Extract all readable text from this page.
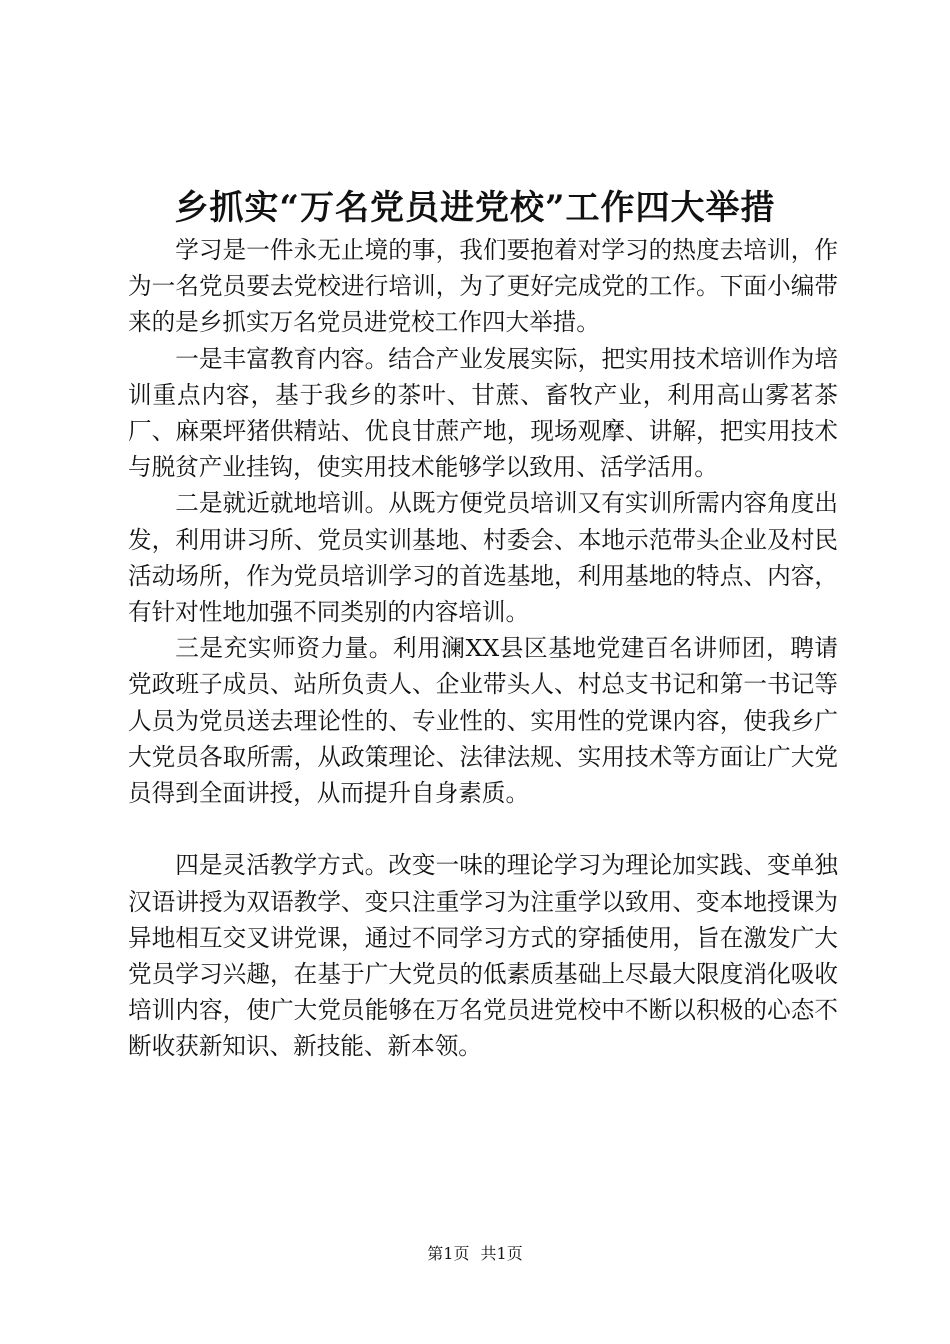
乡抓实“万名党员进党校”工作四大举措

学习是一件永无止境的事，我们要抱着对学习的热度去培训，作为一名党员要去党校进行培训，为了更好完成党的工作。下面小编带来的是乡抓实万名党员进党校工作四大举措。

一是丰富教育内容。结合产业发展实际，把实用技术培训作为培训重点内容，基于我乡的茶叶、甘蔗、畜牧产业，利用高山雾茗茶厂、麻栗坪猪供精站、优良甘蔗产地，现场观摩、讲解，把实用技术与脱贫产业挂钩，使实用技术能够学以致用、活学活用。

二是就近就地培训。从既方便党员培训又有实训所需内容角度出发，利用讲习所、党员实训基地、村委会、本地示范带头企业及村民活动场所，作为党员培训学习的首选基地，利用基地的特点、内容，有针对性地加强不同类别的内容培训。

三是充实师资力量。利用澜XX县区基地党建百名讲师团，聘请党政班子成员、站所负责人、企业带头人、村总支书记和第一书记等人员为党员送去理论性的、专业性的、实用性的党课内容，使我乡广大党员各取所需，从政策理论、法律法规、实用技术等方面让广大党员得到全面讲授，从而提升自身素质。

四是灵活教学方式。改变一味的理论学习为理论加实践、变单独汉语讲授为双语教学、变只注重学习为注重学以致用、变本地授课为异地相互交叉讲党课，通过不同学习方式的穿插使用，旨在激发广大党员学习兴趣，在基于广大党员的低素质基础上尽最大限度消化吸收培训内容，使广大党员能够在万名党员进党校中不断以积极的心态不断收获新知识、新技能、新本领。

第1页 共1页
